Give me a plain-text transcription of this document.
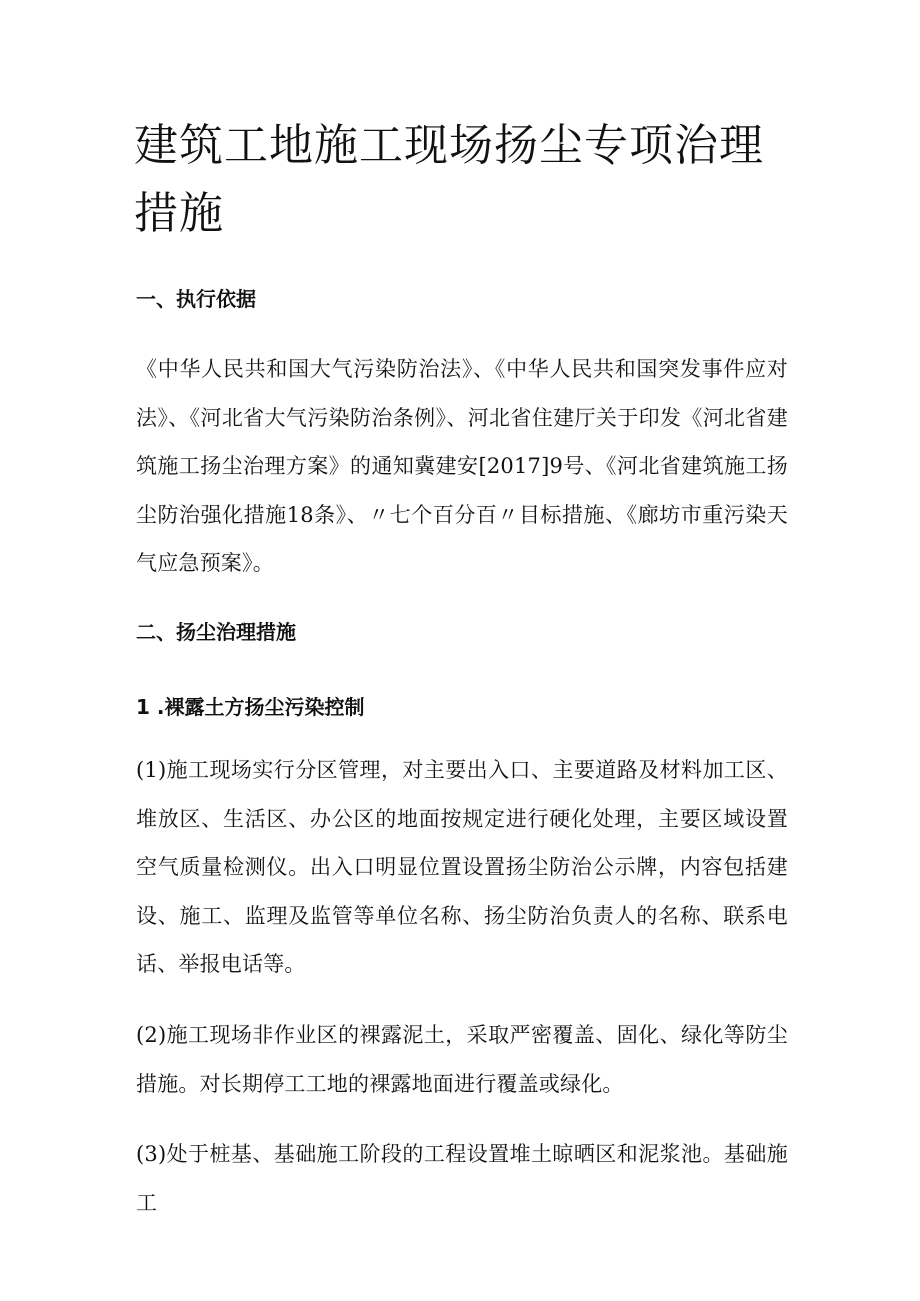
建筑工地施工现场扬尘专项治理措施
一、执行依据

《中华人民共和国大气污染防治法》、《中华人民共和国突发事件应对法》、《河北省大气污染防治条例》、河北省住建厅关于印发《河北省建筑施工扬尘治理方案》的通知冀建安[2017]9号、《河北省建筑施工扬尘防治强化措施18条》、〃七个百分百〃目标措施、《廊坊市重污染天气应急预案》。

二、扬尘治理措施
1 .裸露土方扬尘污染控制

(1)施工现场实行分区管理，对主要出入口、主要道路及材料加工区、堆放区、生活区、办公区的地面按规定进行硬化处理，主要区域设置空气质量检测仪。出入口明显位置设置扬尘防治公示牌，内容包括建设、施工、监理及监管等单位名称、扬尘防治负责人的名称、联系电话、举报电话等。

(2)施工现场非作业区的裸露泥土，采取严密覆盖、固化、绿化等防尘措施。对长期停工工地的裸露地面进行覆盖或绿化。

(3)处于桩基、基础施工阶段的工程设置堆土晾晒区和泥浆池。基础施工
